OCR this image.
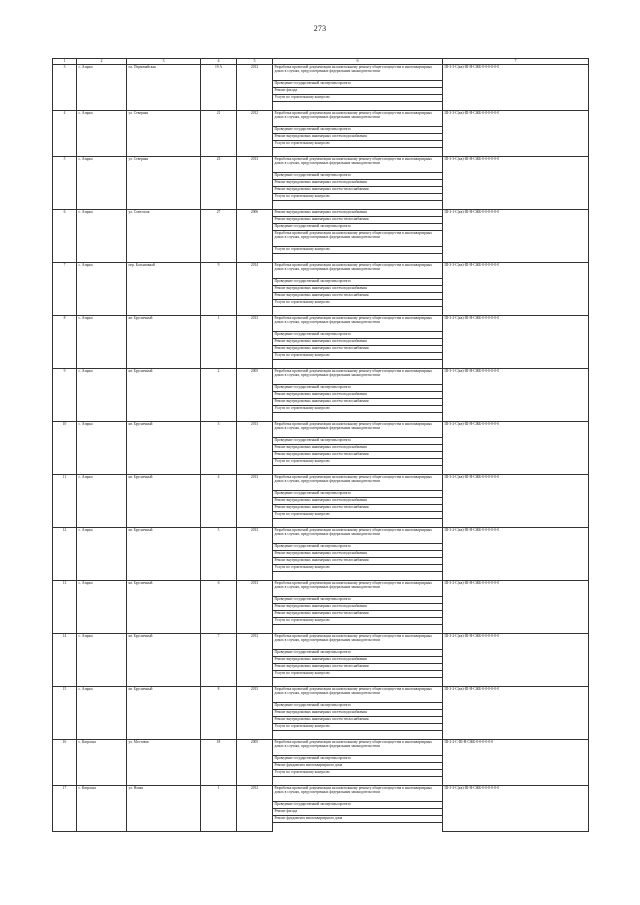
273
1	2	3	4	5	6	7
3	с. Азарка	пл. Первомайская	19 А	2013	Разработка проектной документации на капитальному ремонту общего имущества в многоквартирных домах в случаях, предусмотренных федеральным законодательством	Ш-3-3-С(кв)-Ш-Н-СЖБ-0-0-0-0-0-0
					Проведение государственной экспертизы проекта	
					Ремонт фасада	
					Услуги по строительному контролю	

4	с. Азарка	ул. Северная	21	2012	Разработка проектной документации на капитальному ремонту общего имущества в многоквартирных домах в случаях, предусмотренных федеральным законодательством	Ш-3-3-С(кв)-Ш-Н-СЖБ-0-0-0-0-0-0
					Проведение государственной экспертизы проекта	
					Ремонт внутридомовых инженерных систем водоснабжения	
					Услуги по строительному контролю	

5	с. Азарка	ул. Северная	23	2013	Разработка проектной документации на капитальному ремонту общего имущества в многоквартирных домах в случаях, предусмотренных федеральным законодательством	Ш-3-3-С(кв)-Ш-Н-СЖБ-0-0-0-0-0-0
					Проведение государственной экспертизы проекта	
					Ремонт внутридомовых инженерных систем водоснабжения	
					Ремонт внутридомовых инженерных систем теплоснабжения	
					Услуги по строительному контролю	

6	с. Азарка	ул. Советская	27	2006	Ремонт внутридомовых инженерных систем водоснабжения	Ш-3-1-С(кв)-Ш-Н-СЖБ-0-0-0-0-0-0
					Ремонт внутридомовых инженерных систем теплоснабжения	
					Проведение государственной экспертизы проекта	
					Разработка проектной документации на капитальному ремонту общего имущества в многоквартирных домах в случаях, предусмотренных федеральным законодательством	
					Услуги по строительному контролю	

7	с. Азарка	пер. Больничный	9	2014	Разработка проектной документации на капитальному ремонту общего имущества в многоквартирных домах в случаях, предусмотренных федеральным законодательством	Ш-3-3-С(кв)-Ш-Н-СЖБ-0-0-0-0-0-0
					Проведение государственной экспертизы проекта	
					Ремонт внутридомовых инженерных систем водоснабжения	
					Ремонт внутридомовых инженерных систем теплоснабжения	
					Услуги по строительному контролю	

8	с. Азарка	кв. Бруснечный	1	2013	Разработка проектной документации на капитальному ремонту общего имущества в многоквартирных домах в случаях, предусмотренных федеральным законодательством	Ш-3-2-С(кв)-Ш-Н-СЖБ-0-0-0-0-0-0
					Проведение государственной экспертизы проекта	
					Ремонт внутридомовых инженерных систем водоснабжения	
					Ремонт внутридомовых инженерных систем теплоснабжения	
					Услуги по строительному контролю	

9	с. Азарка	кв. Бруснечный	2	2005	Разработка проектной документации на капитальному ремонту общего имущества в многоквартирных домах в случаях, предусмотренных федеральным законодательством	Ш-3-1-С(кв)-Ш-Н-СЖБ-0-0-0-0-0-0
					Проведение государственной экспертизы проекта	
					Ремонт внутридомовых инженерных систем водоснабжения	
					Ремонт внутридомовых инженерных систем теплоснабжения	
					Услуги по строительному контролю	

10	с. Азарка	кв. Бруснечный	3	2013	Разработка проектной документации на капитальному ремонту общего имущества в многоквартирных домах в случаях, предусмотренных федеральным законодательством	Ш-3-2-С(кв)-Ш-Н-СЖБ-0-0-0-0-0-0
					Проведение государственной экспертизы проекта	
					Ремонт внутридомовых инженерных систем водоснабжения	
					Ремонт внутридомовых инженерных систем теплоснабжения	
					Услуги по строительному контролю	

11	с. Азарка	кв. Бруснечный	4	2013	Разработка проектной документации на капитальному ремонту общего имущества в многоквартирных домах в случаях, предусмотренных федеральным законодательством	Ш-3-2-С(кв)-Ш-Н-СЖБ-0-0-0-0-0-0
					Проведение государственной экспертизы проекта	
					Ремонт внутридомовых инженерных систем водоснабжения	
					Ремонт внутридомовых инженерных систем теплоснабжения	
					Услуги по строительному контролю	

12	с. Азарка	кв. Бруснечный	5	2013	Разработка проектной документации на капитальному ремонту общего имущества в многоквартирных домах в случаях, предусмотренных федеральным законодательством	Ш-3-2-С(кв)-Ш-Н-СЖБ-0-0-0-0-0-0
					Проведение государственной экспертизы проекта	
					Ремонт внутридомовых инженерных систем водоснабжения	
					Ремонт внутридомовых инженерных систем теплоснабжения	
					Услуги по строительному контролю	

13	с. Азарка	кв. Бруснечный	6	2013	Разработка проектной документации на капитальному ремонту общего имущества в многоквартирных домах в случаях, предусмотренных федеральным законодательством	Ш-3-2-С(кв)-Ш-Н-СЖБ-0-0-0-0-0-0
					Проведение государственной экспертизы проекта	
					Ремонт внутридомовых инженерных систем водоснабжения	
					Ремонт внутридомовых инженерных систем теплоснабжения	
					Услуги по строительному контролю	

14	с. Азарка	кв. Бруснечный	7	2013	Разработка проектной документации на капитальному ремонту общего имущества в многоквартирных домах в случаях, предусмотренных федеральным законодательством	Ш-3-2-С(кв)-Ш-Н-СЖБ-0-0-0-0-0-0
					Проведение государственной экспертизы проекта	
					Ремонт внутридомовых инженерных систем водоснабжения	
					Ремонт внутридомовых инженерных систем теплоснабжения	
					Услуги по строительному контролю	

15	с. Азарка	кв. Бруснечный	8	2013	Разработка проектной документации на капитальному ремонту общего имущества в многоквартирных домах в случаях, предусмотренных федеральным законодательством	Ш-3-2-С(кв)-Ш-Н-СЖБ-0-0-0-0-0-0
					Проведение государственной экспертизы проекта	
					Ремонт внутридомовых инженерных систем водоснабжения	
					Ремонт внутридомовых инженерных систем теплоснабжения	
					Услуги по строительному контролю	

16	с. Катрасна	ул. Мостовая	18	2005	Разработка проектной документации на капитальному ремонту общего имущества в многоквартирных домах в случаях, предусмотренных федеральным законодательством	Ш-2-2-С-Ш-Н-СЖБ-0-0-0-0-0-0
					Проведение государственной экспертизы проекта	
					Ремонт фундамента многоквартирного дома	
					Услуги по строительному контролю	

17	с. Катрасна	ул. Новая	1	2012	Разработка проектной документации на капитальному ремонту общего имущества в многоквартирных домах в случаях, предусмотренных федеральным законодательством	Ш-3-3-С(кв)-Ш-Н-СЖБ-0-0-0-0-0-0
					Проведение государственной экспертизы проекта	
					Ремонт фасада	
					Ремонт фундамента многоквартирного дома	
